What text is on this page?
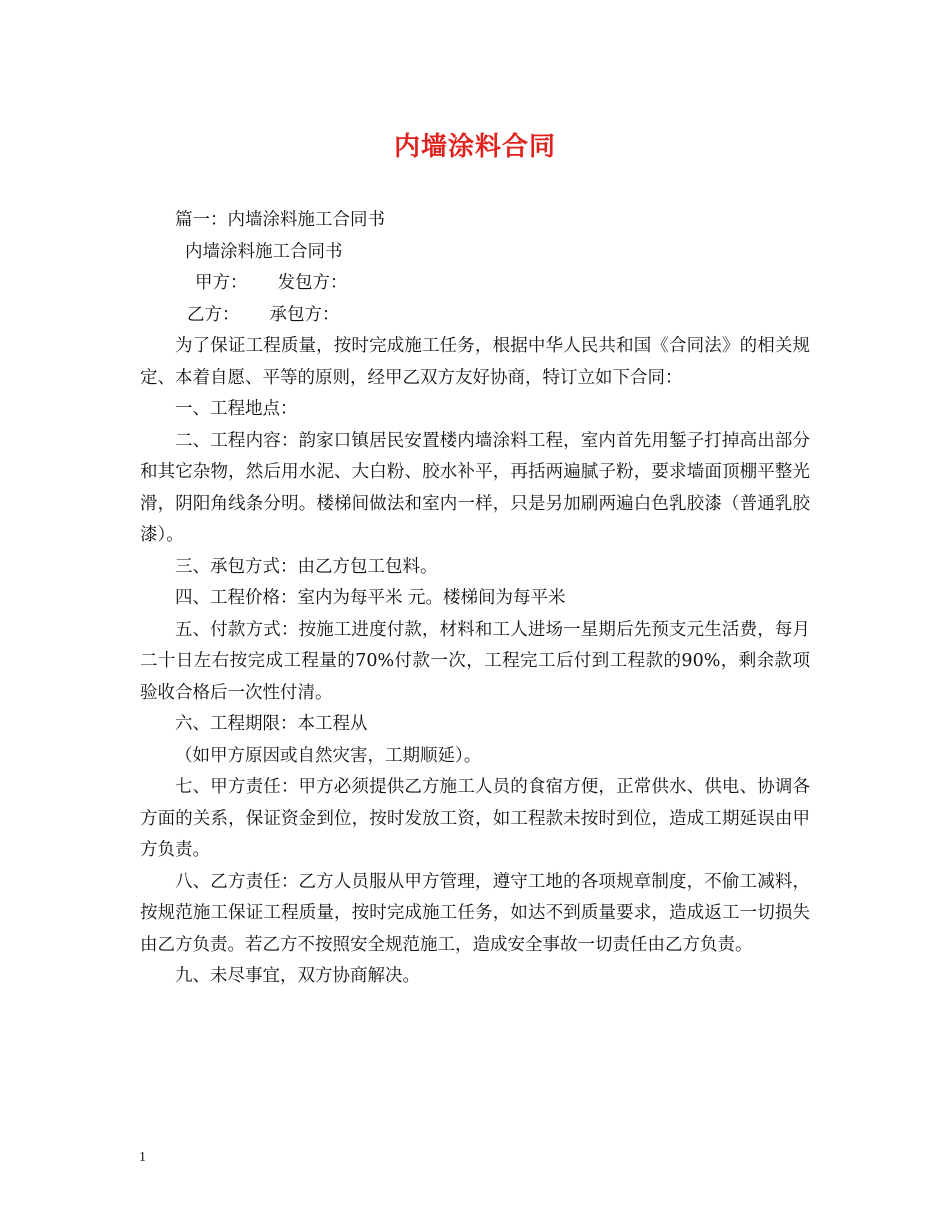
内墙涂料合同

篇一：内墙涂料施工合同书

内墙涂料施工合同书

甲方： 发包方：

乙方： 承包方：

为了保证工程质量，按时完成施工任务，根据中华人民共和国《合同法》的相关规定、本着自愿、平等的原则，经甲乙双方友好协商，特订立如下合同：

一、工程地点：

二、工程内容：韵家口镇居民安置楼内墙涂料工程，室内首先用錾子打掉高出部分和其它杂物，然后用水泥、大白粉、胶水补平，再括两遍腻子粉，要求墙面顶棚平整光滑，阴阳角线条分明。楼梯间做法和室内一样，只是另加刷两遍白色乳胶漆（普通乳胶漆）。

三、承包方式：由乙方包工包料。

四、工程价格：室内为每平米 元。楼梯间为每平米

五、付款方式：按施工进度付款，材料和工人进场一星期后先预支元生活费，每月二十日左右按完成工程量的70%付款一次，工程完工后付到工程款的90%，剩余款项验收合格后一次性付清。

六、工程期限：本工程从

（如甲方原因或自然灾害，工期顺延）。

七、甲方责任：甲方必须提供乙方施工人员的食宿方便，正常供水、供电、协调各方面的关系，保证资金到位，按时发放工资，如工程款未按时到位，造成工期延误由甲方负责。

八、乙方责任：乙方人员服从甲方管理，遵守工地的各项规章制度，不偷工减料，按规范施工保证工程质量，按时完成施工任务，如达不到质量要求，造成返工一切损失由乙方负责。若乙方不按照安全规范施工，造成安全事故一切责任由乙方负责。

九、未尽事宜，双方协商解决。

1
